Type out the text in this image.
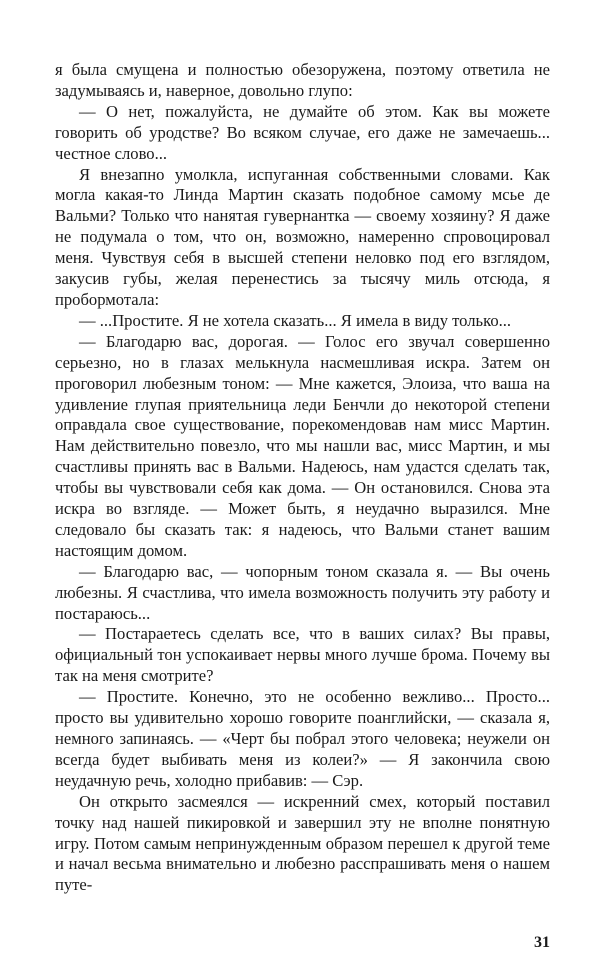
я была смущена и полностью обезоружена, поэтому ответила не задумываясь и, наверное, довольно глупо:

— О нет, пожалуйста, не думайте об этом. Как вы можете говорить об уродстве? Во всяком случае, его даже не замечаешь... честное слово...

Я внезапно умолкла, испуганная собственными словами. Как могла какая-то Линда Мартин сказать подобное самому мсье де Вальми? Только что нанятая гувернантка — своему хозяину? Я даже не подумала о том, что он, возможно, намеренно спровоцировал меня. Чувствуя себя в высшей степени неловко под его взглядом, закусив губы, желая перенестись за тысячу миль отсюда, я пробормотала:

— ...Простите. Я не хотела сказать... Я имела в виду только...

— Благодарю вас, дорогая. — Голос его звучал совершенно серьезно, но в глазах мелькнула насмешливая искра. Затем он проговорил любезным тоном: — Мне кажется, Элоиза, что ваша на удивление глупая приятельница леди Бенчли до некоторой степени оправдала свое существование, порекомендовав нам мисс Мартин. Нам действительно повезло, что мы нашли вас, мисс Мартин, и мы счастливы принять вас в Вальми. Надеюсь, нам удастся сделать так, чтобы вы чувствовали себя как дома. — Он остановился. Снова эта искра во взгляде. — Может быть, я неудачно выразился. Мне следовало бы сказать так: я надеюсь, что Вальми станет вашим настоящим домом.

— Благодарю вас, — чопорным тоном сказала я. — Вы очень любезны. Я счастлива, что имела возможность получить эту работу и постараюсь...

— Постараетесь сделать все, что в ваших силах? Вы правы, официальный тон успокаивает нервы много лучше брома. Почему вы так на меня смотрите?

— Простите. Конечно, это не особенно вежливо... Просто... просто вы удивительно хорошо говорите поанглийски, — сказала я, немного запинаясь. — «Черт бы побрал этого человека; неужели он всегда будет выбивать меня из колеи?» — Я закончила свою неудачную речь, холодно прибавив: — Сэр.

Он открыто засмеялся — искренний смех, который поставил точку над нашей пикировкой и завершил эту не вполне понятную игру. Потом самым непринужденным образом перешел к другой теме и начал весьма внимательно и любезно расспрашивать меня о нашем путе-

31
